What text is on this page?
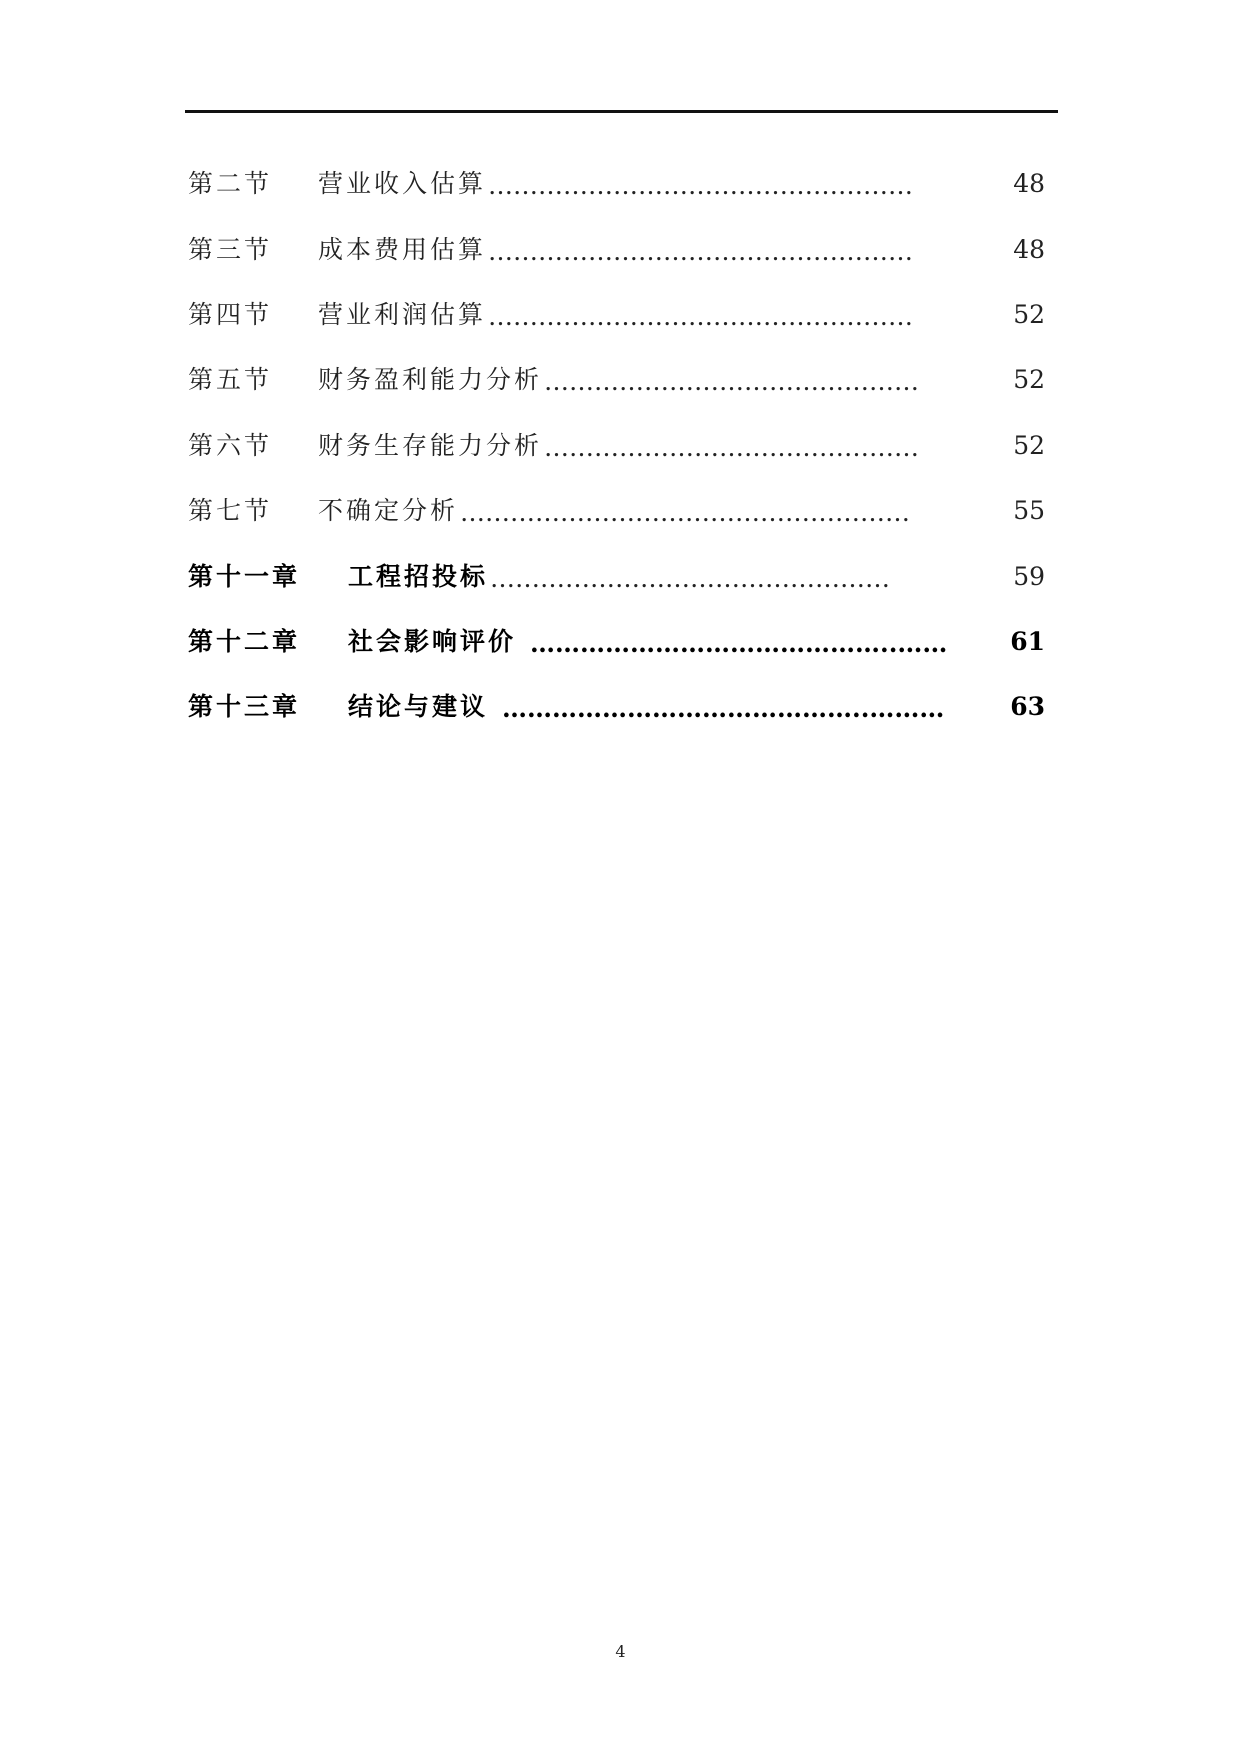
第二节	营业收入估算 ……………………………………………	48
第三节	成本费用估算 ……………………………………………	48
第四节	营业利润估算 ……………………………………………	52
第五节	财务盈利能力分析 ………………………………………	52
第六节	财务生存能力分析 ………………………………………	52
第七节	不确定分析 ………………………………………………	55
第十一章	工程招投标 …………………………………………	59
第十二章	社会影响评价 ……………………………………..……	61
第十三章	结论与建议 ……………………………………..………	63
4
